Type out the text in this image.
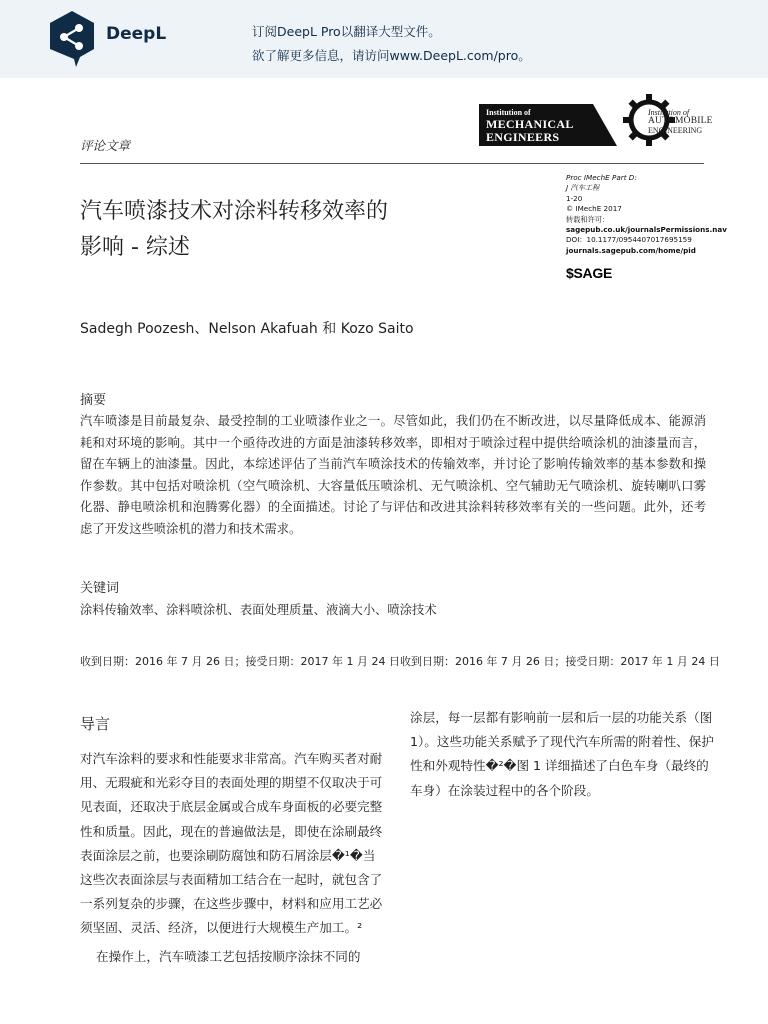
DeepL	订阅DeepL Pro以翻译大型文件。
欲了解更多信息，请访问www.DeepL.com/pro。
Institution of
MECHANICAL
ENGINEERS
Institution of
AUTOMOBILE
ENGINEERING
评论文章
Proc IMechE Part D:
J 汽车工程
1-20
© IMechE 2017
转载和许可：
sagepub.co.uk/journalsPermissions.nav
DOI：10.1177/0954407017695159
journals.sagepub.com/home/pid
$SAGE
汽车喷漆技术对涂料转移效率的
影响 - 综述
Sadegh Poozesh、Nelson Akafuah 和 Kozo Saito
摘要
汽车喷漆是目前最复杂、最受控制的工业喷漆作业之一。尽管如此，我们仍在不断改进，以尽量降低成本、能源消耗和对环境的影响。其中一个亟待改进的方面是油漆转移效率，即相对于喷涂过程中提供给喷涂机的油漆量而言，留在车辆上的油漆量。因此，本综述评估了当前汽车喷涂技术的传输效率，并讨论了影响传输效率的基本参数和操作参数。其中包括对喷涂机（空气喷涂机、大容量低压喷涂机、无气喷涂机、空气辅助无气喷涂机、旋转喇叭口雾化器、静电喷涂机和泡腾雾化器）的全面描述。讨论了与评估和改进其涂料转移效率有关的一些问题。此外，还考虑了开发这些喷涂机的潜力和技术需求。
关键词
涂料传输效率、涂料喷涂机、表面处理质量、液滴大小、喷涂技术
收到日期：2016 年 7 月 26 日；接受日期：2017 年 1 月 24 日收到日期：2016 年 7 月 26 日；接受日期：2017 年 1 月 24 日
导言

对汽车涂料的要求和性能要求非常高。汽车购买者对耐用、无瑕疵和光彩夺目的表面处理的期望不仅取决于可见表面，还取决于底层金属或合成车身面板的必要完整性和质量。因此，现在的普遍做法是，即使在涂刷最终表面涂层之前，也要涂刷防腐蚀和防石屑涂层�¹�当这些次表面涂层与表面精加工结合在一起时，就包含了一系列复杂的步骤，在这些步骤中，材料和应用工艺必须坚固、灵活、经济，以便进行大规模生产加工。²

在操作上，汽车喷漆工艺包括按顺序涂抹不同的

涂层，每一层都有影响前一层和后一层的功能关系（图 1）。这些功能关系赋予了现代汽车所需的附着性、保护性和外观特性�²�图 1 详细描述了白色车身（最终的车身）在涂装过程中的各个阶段。
